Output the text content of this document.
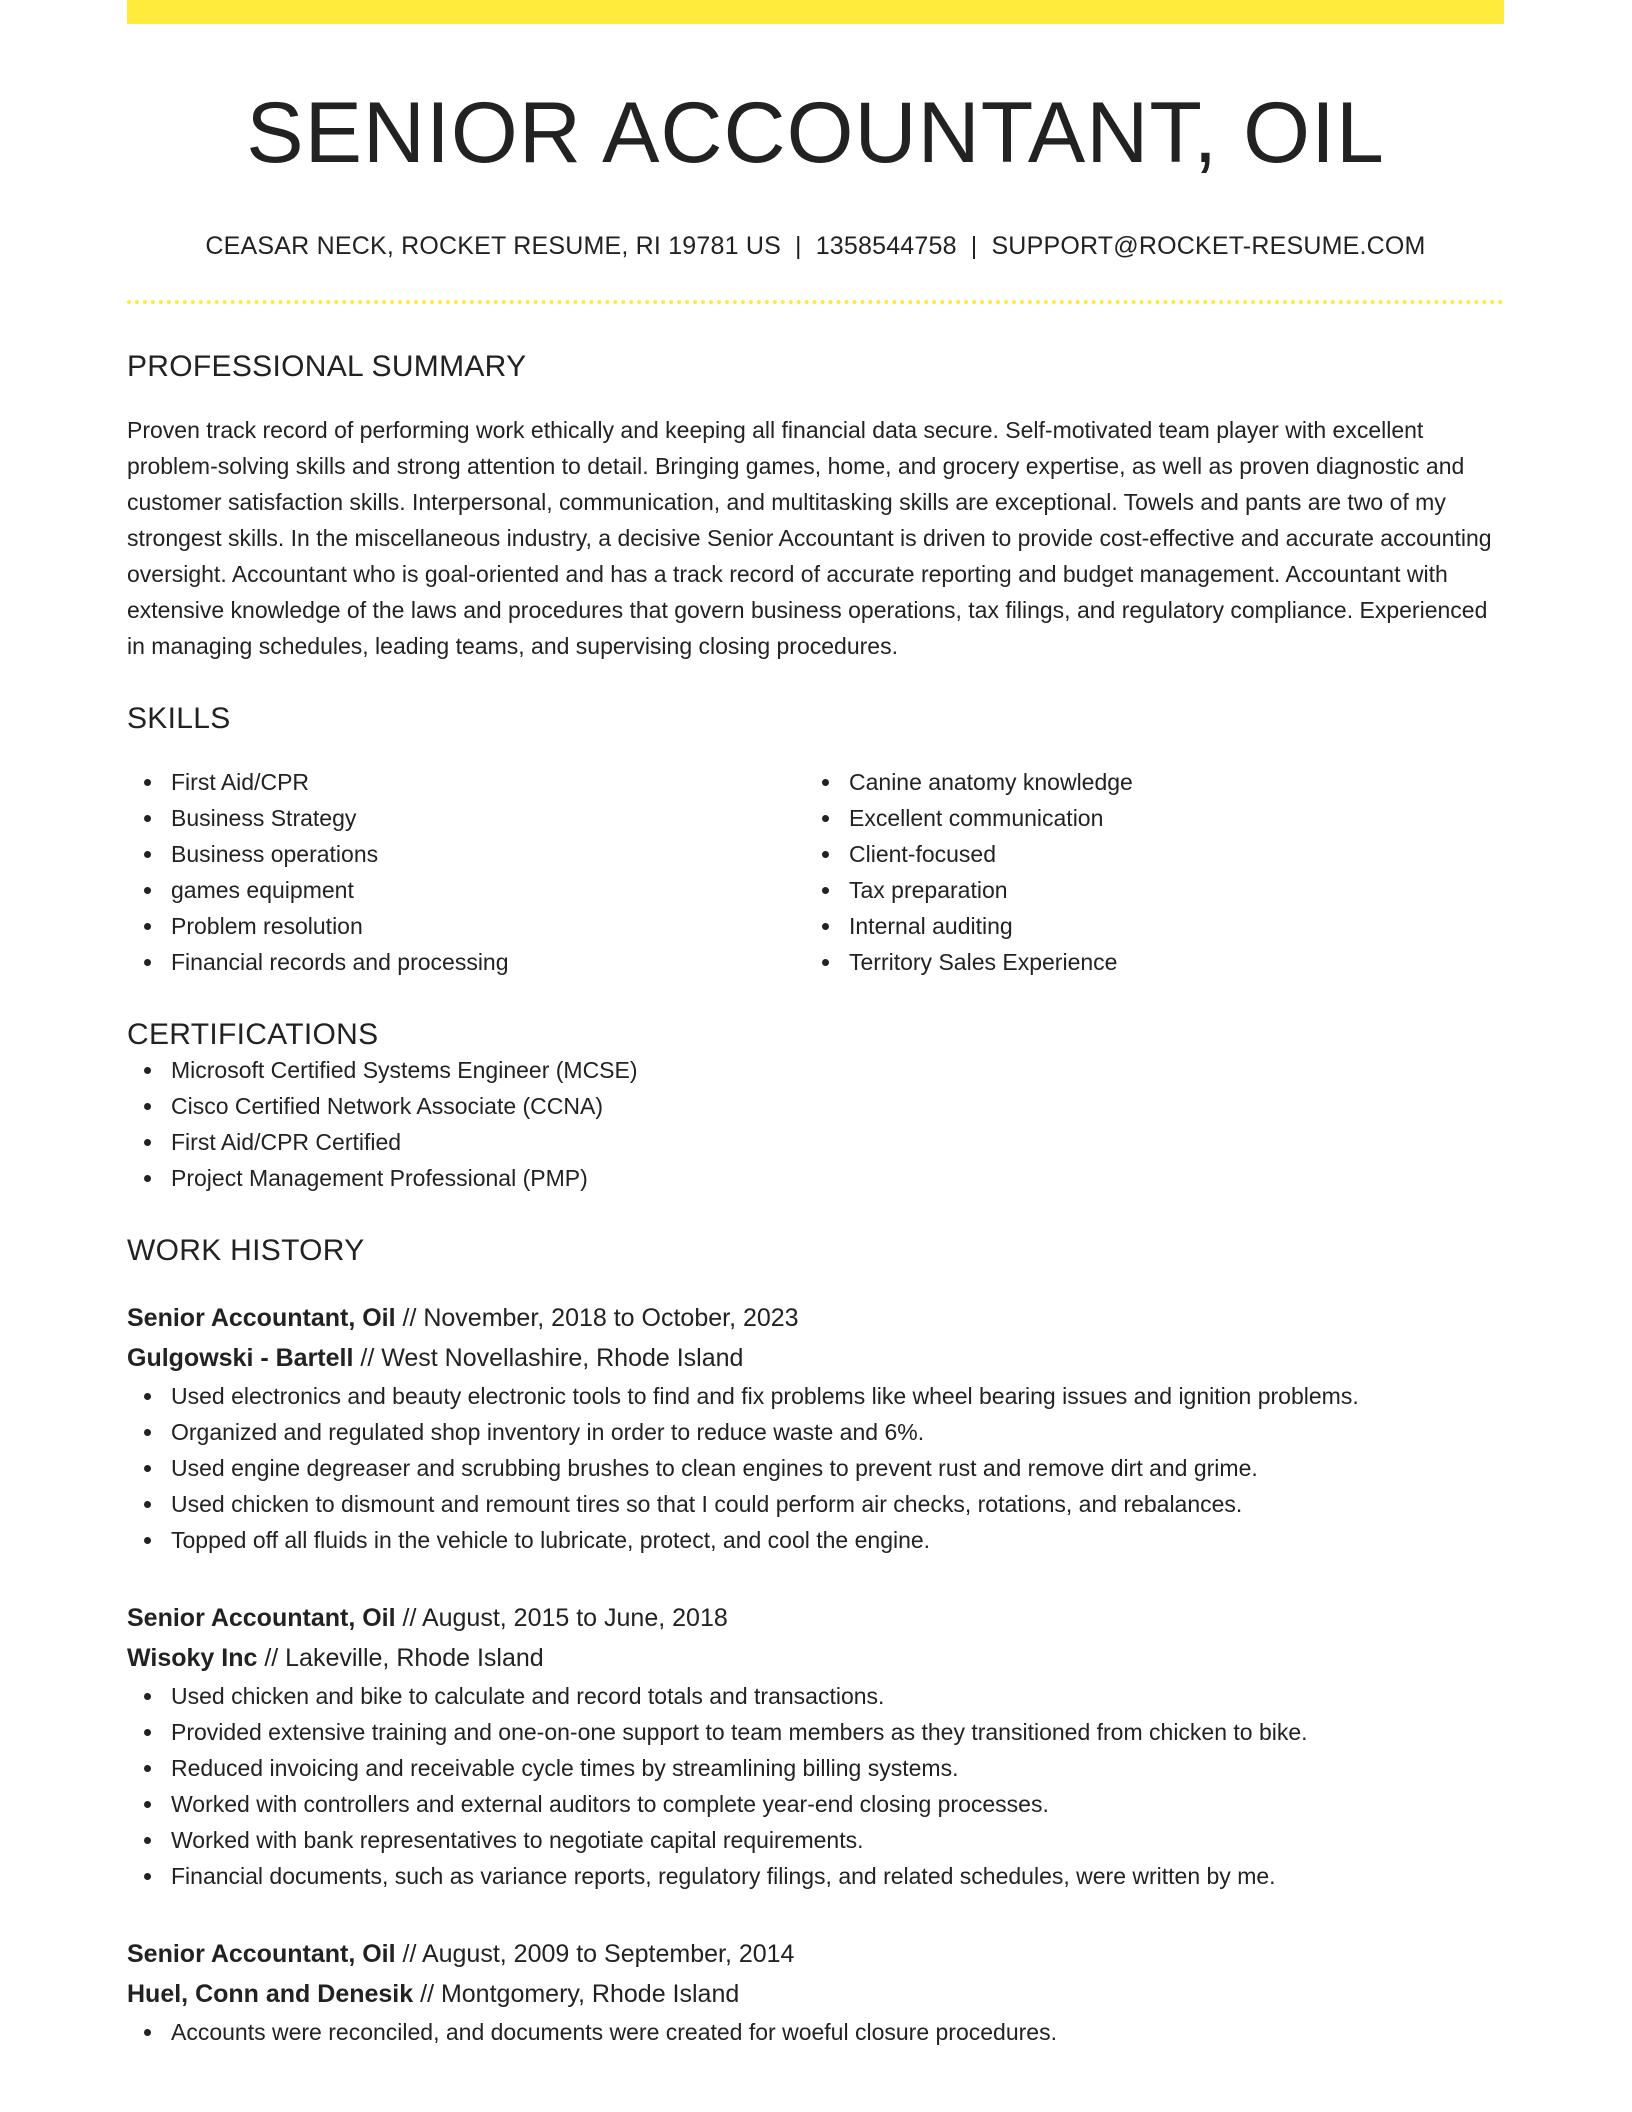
SENIOR ACCOUNTANT, OIL
CEASAR NECK, ROCKET RESUME, RI 19781 US | 1358544758 | SUPPORT@ROCKET-RESUME.COM
PROFESSIONAL SUMMARY

Proven track record of performing work ethically and keeping all financial data secure. Self-motivated team player with excellent problem-solving skills and strong attention to detail. Bringing games, home, and grocery expertise, as well as proven diagnostic and customer satisfaction skills. Interpersonal, communication, and multitasking skills are exceptional. Towels and pants are two of my strongest skills. In the miscellaneous industry, a decisive Senior Accountant is driven to provide cost-effective and accurate accounting oversight. Accountant who is goal-oriented and has a track record of accurate reporting and budget management. Accountant with extensive knowledge of the laws and procedures that govern business operations, tax filings, and regulatory compliance. Experienced in managing schedules, leading teams, and supervising closing procedures.

SKILLS
First Aid/CPR
Business Strategy
Business operations
games equipment
Problem resolution
Financial records and processing
Canine anatomy knowledge
Excellent communication
Client-focused
Tax preparation
Internal auditing
Territory Sales Experience
CERTIFICATIONS
Microsoft Certified Systems Engineer (MCSE)
Cisco Certified Network Associate (CCNA)
First Aid/CPR Certified
Project Management Professional (PMP)
WORK HISTORY
Senior Accountant, Oil // November, 2018 to October, 2023
Gulgowski - Bartell // West Novellashire, Rhode Island
Used electronics and beauty electronic tools to find and fix problems like wheel bearing issues and ignition problems.
Organized and regulated shop inventory in order to reduce waste and 6%.
Used engine degreaser and scrubbing brushes to clean engines to prevent rust and remove dirt and grime.
Used chicken to dismount and remount tires so that I could perform air checks, rotations, and rebalances.
Topped off all fluids in the vehicle to lubricate, protect, and cool the engine.
Senior Accountant, Oil // August, 2015 to June, 2018
Wisoky Inc // Lakeville, Rhode Island
Used chicken and bike to calculate and record totals and transactions.
Provided extensive training and one-on-one support to team members as they transitioned from chicken to bike.
Reduced invoicing and receivable cycle times by streamlining billing systems.
Worked with controllers and external auditors to complete year-end closing processes.
Worked with bank representatives to negotiate capital requirements.
Financial documents, such as variance reports, regulatory filings, and related schedules, were written by me.
Senior Accountant, Oil // August, 2009 to September, 2014
Huel, Conn and Denesik // Montgomery, Rhode Island
Accounts were reconciled, and documents were created for woeful closure procedures.
